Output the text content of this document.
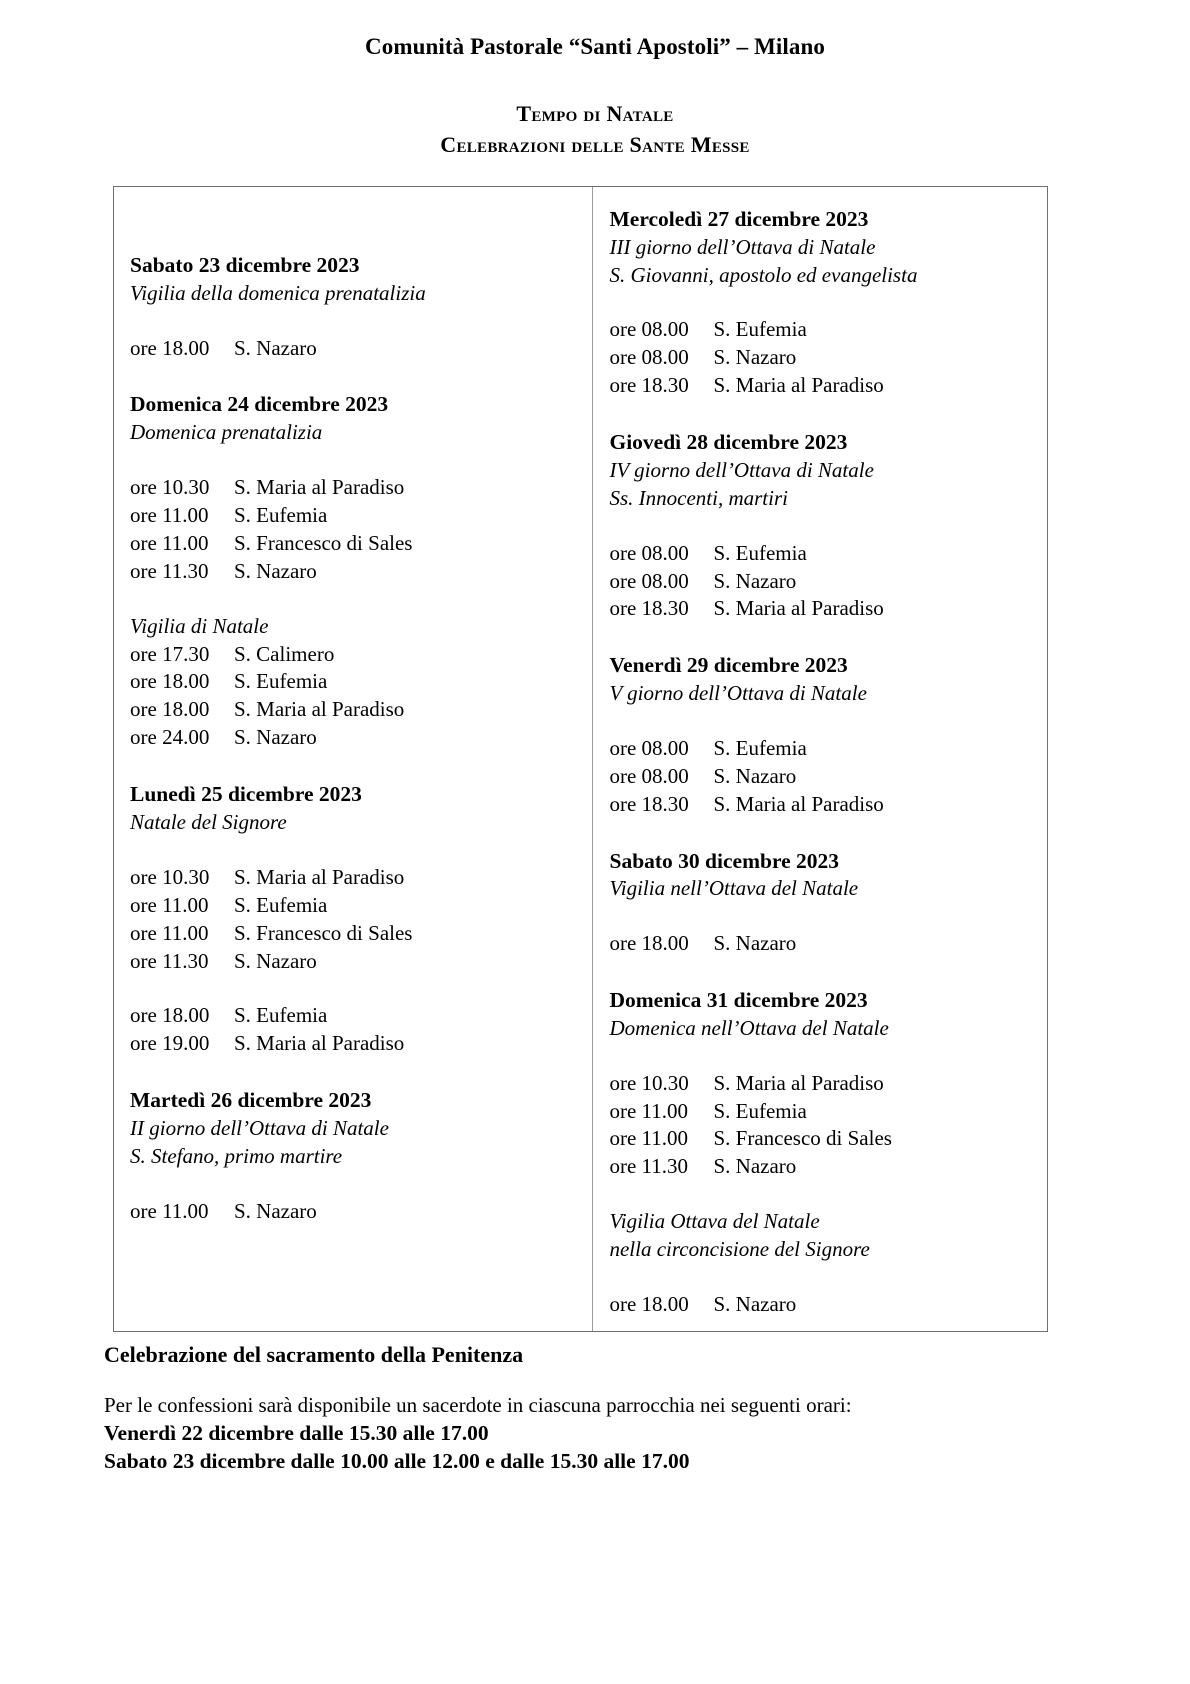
Comunità Pastorale “Santi Apostoli” – Milano
Tempo di Natale
Celebrazioni delle Sante Messe
Sabato 23 dicembre 2023
Vigilia della domenica prenatalizia
ore 18.00 S. Nazaro
Domenica 24 dicembre 2023
Domenica prenatalizia
ore 10.30 S. Maria al Paradiso
ore 11.00 S. Eufemia
ore 11.00 S. Francesco di Sales
ore 11.30 S. Nazaro
Vigilia di Natale
ore 17.30 S. Calimero
ore 18.00 S. Eufemia
ore 18.00 S. Maria al Paradiso
ore 24.00 S. Nazaro
Lunedì 25 dicembre 2023
Natale del Signore
ore 10.30 S. Maria al Paradiso
ore 11.00 S. Eufemia
ore 11.00 S. Francesco di Sales
ore 11.30 S. Nazaro
ore 18.00 S. Eufemia
ore 19.00 S. Maria al Paradiso
Martedì 26 dicembre 2023
II giorno dell’Ottava di Natale
S. Stefano, primo martire
ore 11.00 S. Nazaro
Mercoledì 27 dicembre 2023
III giorno dell’Ottava di Natale
S. Giovanni, apostolo ed evangelista
ore 08.00 S. Eufemia
ore 08.00 S. Nazaro
ore 18.30 S. Maria al Paradiso
Giovedì 28 dicembre 2023
IV giorno dell’Ottava di Natale
Ss. Innocenti, martiri
ore 08.00 S. Eufemia
ore 08.00 S. Nazaro
ore 18.30 S. Maria al Paradiso
Venerdì 29 dicembre 2023
V giorno dell’Ottava di Natale
ore 08.00 S. Eufemia
ore 08.00 S. Nazaro
ore 18.30 S. Maria al Paradiso
Sabato 30 dicembre 2023
Vigilia nell’Ottava del Natale
ore 18.00 S. Nazaro
Domenica 31 dicembre 2023
Domenica nell’Ottava del Natale
ore 10.30 S. Maria al Paradiso
ore 11.00 S. Eufemia
ore 11.00 S. Francesco di Sales
ore 11.30 S. Nazaro
Vigilia Ottava del Natale
nella circoncisione del Signore
ore 18.00 S. Nazaro
Celebrazione del sacramento della Penitenza
Per le confessioni sarà disponibile un sacerdote in ciascuna parrocchia nei seguenti orari:
Venerdì 22 dicembre dalle 15.30 alle 17.00
Sabato 23 dicembre dalle 10.00 alle 12.00 e dalle 15.30 alle 17.00
